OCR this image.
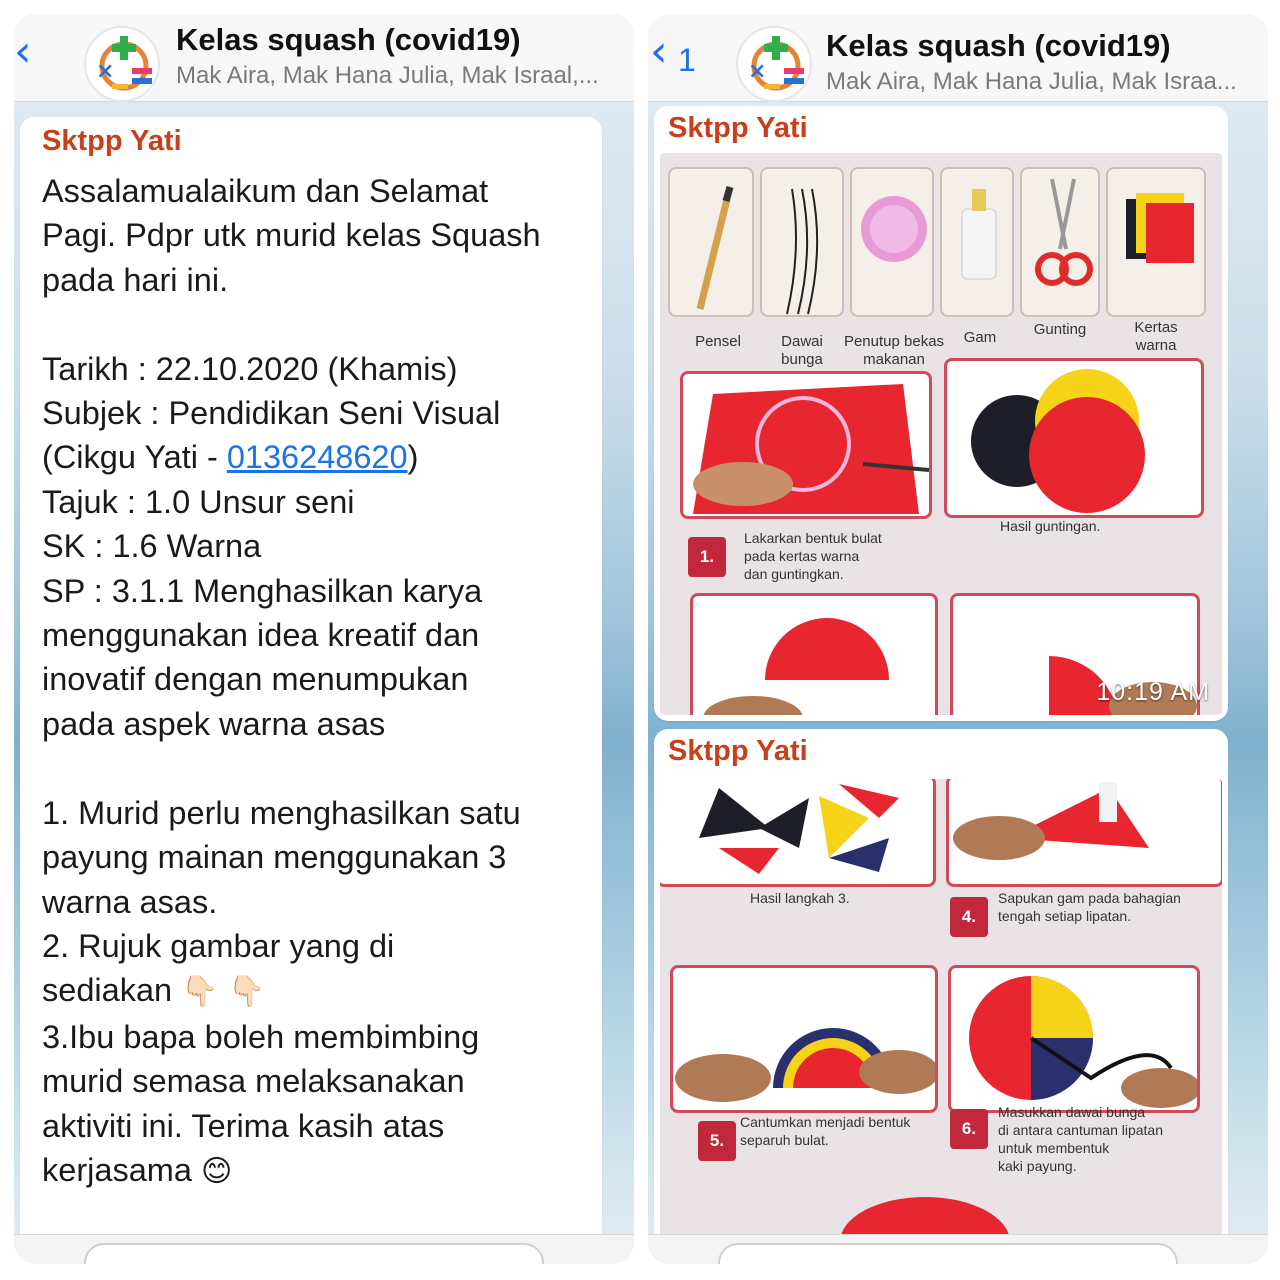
‹	×
Kelas squash (covid19)
Mak Aira, Mak Hana Julia, Mak Israal,...
Sktpp Yati
Assalamualaikum dan Selamat
Pagi. Pdpr utk murid kelas Squash
pada hari ini.

Tarikh : 22.10.2020 (Khamis)
Subjek : Pendidikan Seni Visual
(Cikgu Yati - 0136248620)
Tajuk : 1.0 Unsur seni
SK : 1.6 Warna
SP : 3.1.1 Menghasilkan karya
menggunakan idea kreatif dan
inovatif dengan menumpukan
pada aspek warna asas

1. Murid perlu menghasilkan satu
payung mainan menggunakan 3
warna asas.
2. Rujuk gambar yang di
sediakan 👇🏻 👇🏻
3.Ibu bapa boleh membimbing
murid semasa melaksanakan
aktiviti ini. Terima kasih atas
kerjasama 😊
‹ 1 ×
Kelas squash (covid19)
Mak Aira, Mak Hana Julia, Mak Israa...
Sktpp Yati
Pensel	Dawai
bunga
Penutup bekas
makanan
Gam	Gunting	Kertas
warna
1.
Lakarkan bentuk bulat
pada kertas warna
dan guntingkan.
Hasil guntingan.
10:19 AM
Sktpp Yati
Hasil langkah 3.
4.
Sapukan gam pada bahagian
tengah setiap lipatan.
5.
Cantumkan menjadi bentuk
separuh bulat.
6.
Masukkan dawai bunga
di antara cantuman lipatan
untuk membentuk
kaki payung.
